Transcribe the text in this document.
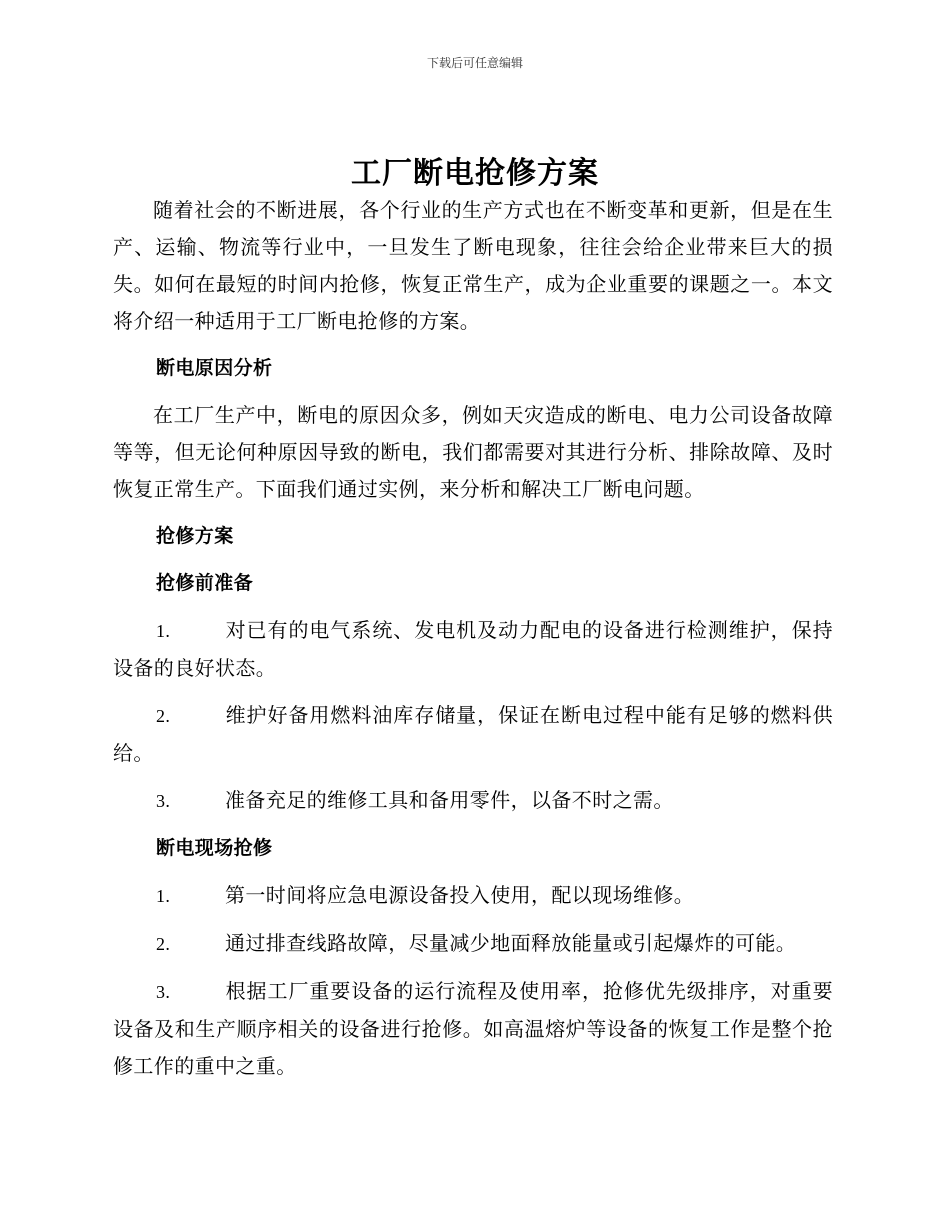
下载后可任意编辑
工厂断电抢修方案

随着社会的不断进展，各个行业的生产方式也在不断变革和更新，但是在生产、运输、物流等行业中，一旦发生了断电现象，往往会给企业带来巨大的损失。如何在最短的时间内抢修，恢复正常生产，成为企业重要的课题之一。本文将介绍一种适用于工厂断电抢修的方案。

断电原因分析

在工厂生产中，断电的原因众多，例如天灾造成的断电、电力公司设备故障等等，但无论何种原因导致的断电，我们都需要对其进行分析、排除故障、及时恢复正常生产。下面我们通过实例，来分析和解决工厂断电问题。

抢修方案

抢修前准备

1.	对已有的电气系统、发电机及动力配电的设备进行检测维护，保持设备的良好状态。

2.	维护好备用燃料油库存储量，保证在断电过程中能有足够的燃料供给。

3.	准备充足的维修工具和备用零件，以备不时之需。

断电现场抢修

1.	第一时间将应急电源设备投入使用，配以现场维修。

2.	通过排查线路故障，尽量减少地面释放能量或引起爆炸的可能。

3.	根据工厂重要设备的运行流程及使用率，抢修优先级排序，对重要设备及和生产顺序相关的设备进行抢修。如高温熔炉等设备的恢复工作是整个抢修工作的重中之重。
